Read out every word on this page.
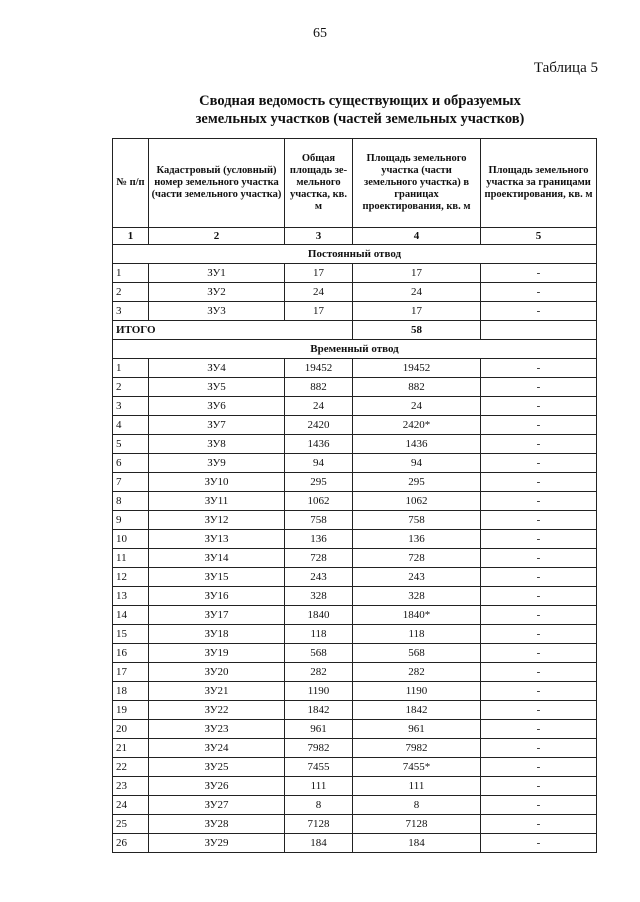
65
Таблица 5
Сводная ведомость существующих и образуемых
земельных участков (частей земельных участков)
№ п/п	Кадастровый (условный) номер земельного участка (части земельного участка)	Общая площадь зе-мельного участка, кв. м	Площадь земельного участка (части земельного участка) в границах проектирования, кв. м	Площадь земельного участка за границами проектирования, кв. м
1	2	3	4	5
Постоянный отвод				
1	ЗУ1	17	17	-
2	ЗУ2	24	24	-
3	ЗУ3	17	17	-
ИТОГО			58	
Временный отвод				
1	ЗУ4	19452	19452	-
2	ЗУ5	882	882	-
3	ЗУ6	24	24	-
4	ЗУ7	2420	2420*	-
5	ЗУ8	1436	1436	-
6	ЗУ9	94	94	-
7	ЗУ10	295	295	-
8	ЗУ11	1062	1062	-
9	ЗУ12	758	758	-
10	ЗУ13	136	136	-
11	ЗУ14	728	728	-
12	ЗУ15	243	243	-
13	ЗУ16	328	328	-
14	ЗУ17	1840	1840*	-
15	ЗУ18	118	118	-
16	ЗУ19	568	568	-
17	ЗУ20	282	282	-
18	ЗУ21	1190	1190	-
19	ЗУ22	1842	1842	-
20	ЗУ23	961	961	-
21	ЗУ24	7982	7982	-
22	ЗУ25	7455	7455*	-
23	ЗУ26	111	111	-
24	ЗУ27	8	8	-
25	ЗУ28	7128	7128	-
26	ЗУ29	184	184	-
